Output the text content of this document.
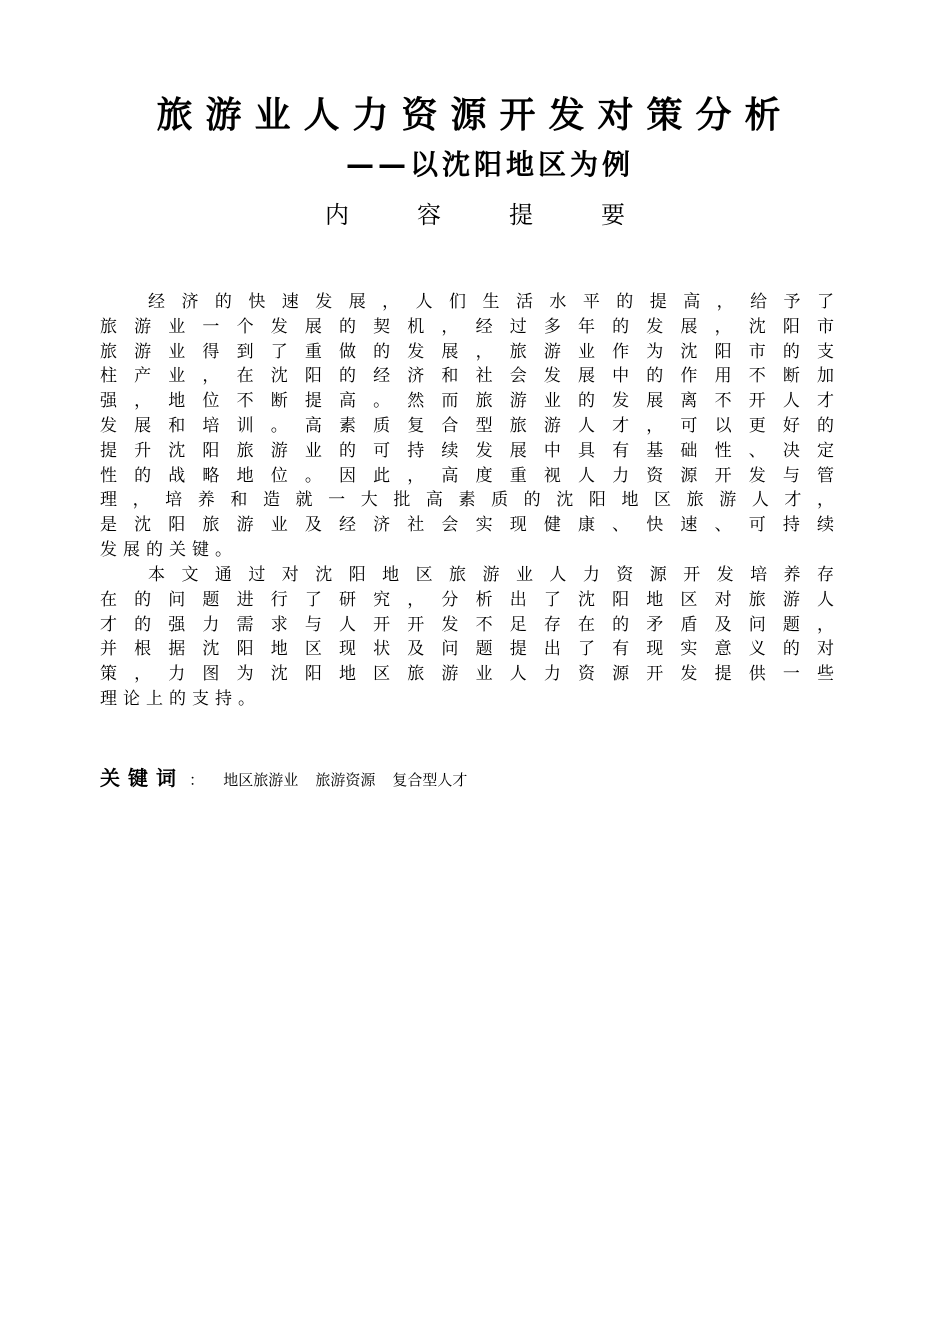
旅游业人力资源开发对策分析
——以沈阳地区为例
内容提要
经济的快速发展，人们生活水平的提高，给予了
旅游业一个发展的契机，经过多年的发展，沈阳市
旅游业得到了重做的发展，旅游业作为沈阳市的支
柱产业，在沈阳的经济和社会发展中的作用不断加
强，地位不断提高。然而旅游业的发展离不开人才
发展和培训。高素质复合型旅游人才，可以更好的
提升沈阳旅游业的可持续发展中具有基础性、决定
性的战略地位。因此，高度重视人力资源开发与管
理，培养和造就一大批高素质的沈阳地区旅游人才，
是沈阳旅游业及经济社会实现健康、快速、可持续
发展的关键。
本文通过对沈阳地区旅游业人力资源开发培养存
在的问题进行了研究，分析出了沈阳地区对旅游人
才的强力需求与人开开发不足存在的矛盾及问题，
并根据沈阳地区现状及问题提出了有现实意义的对
策，力图为沈阳地区旅游业人力资源开发提供一些
理论上的支持。
关键词 ： 地区旅游业 旅游资源 复合型人才
